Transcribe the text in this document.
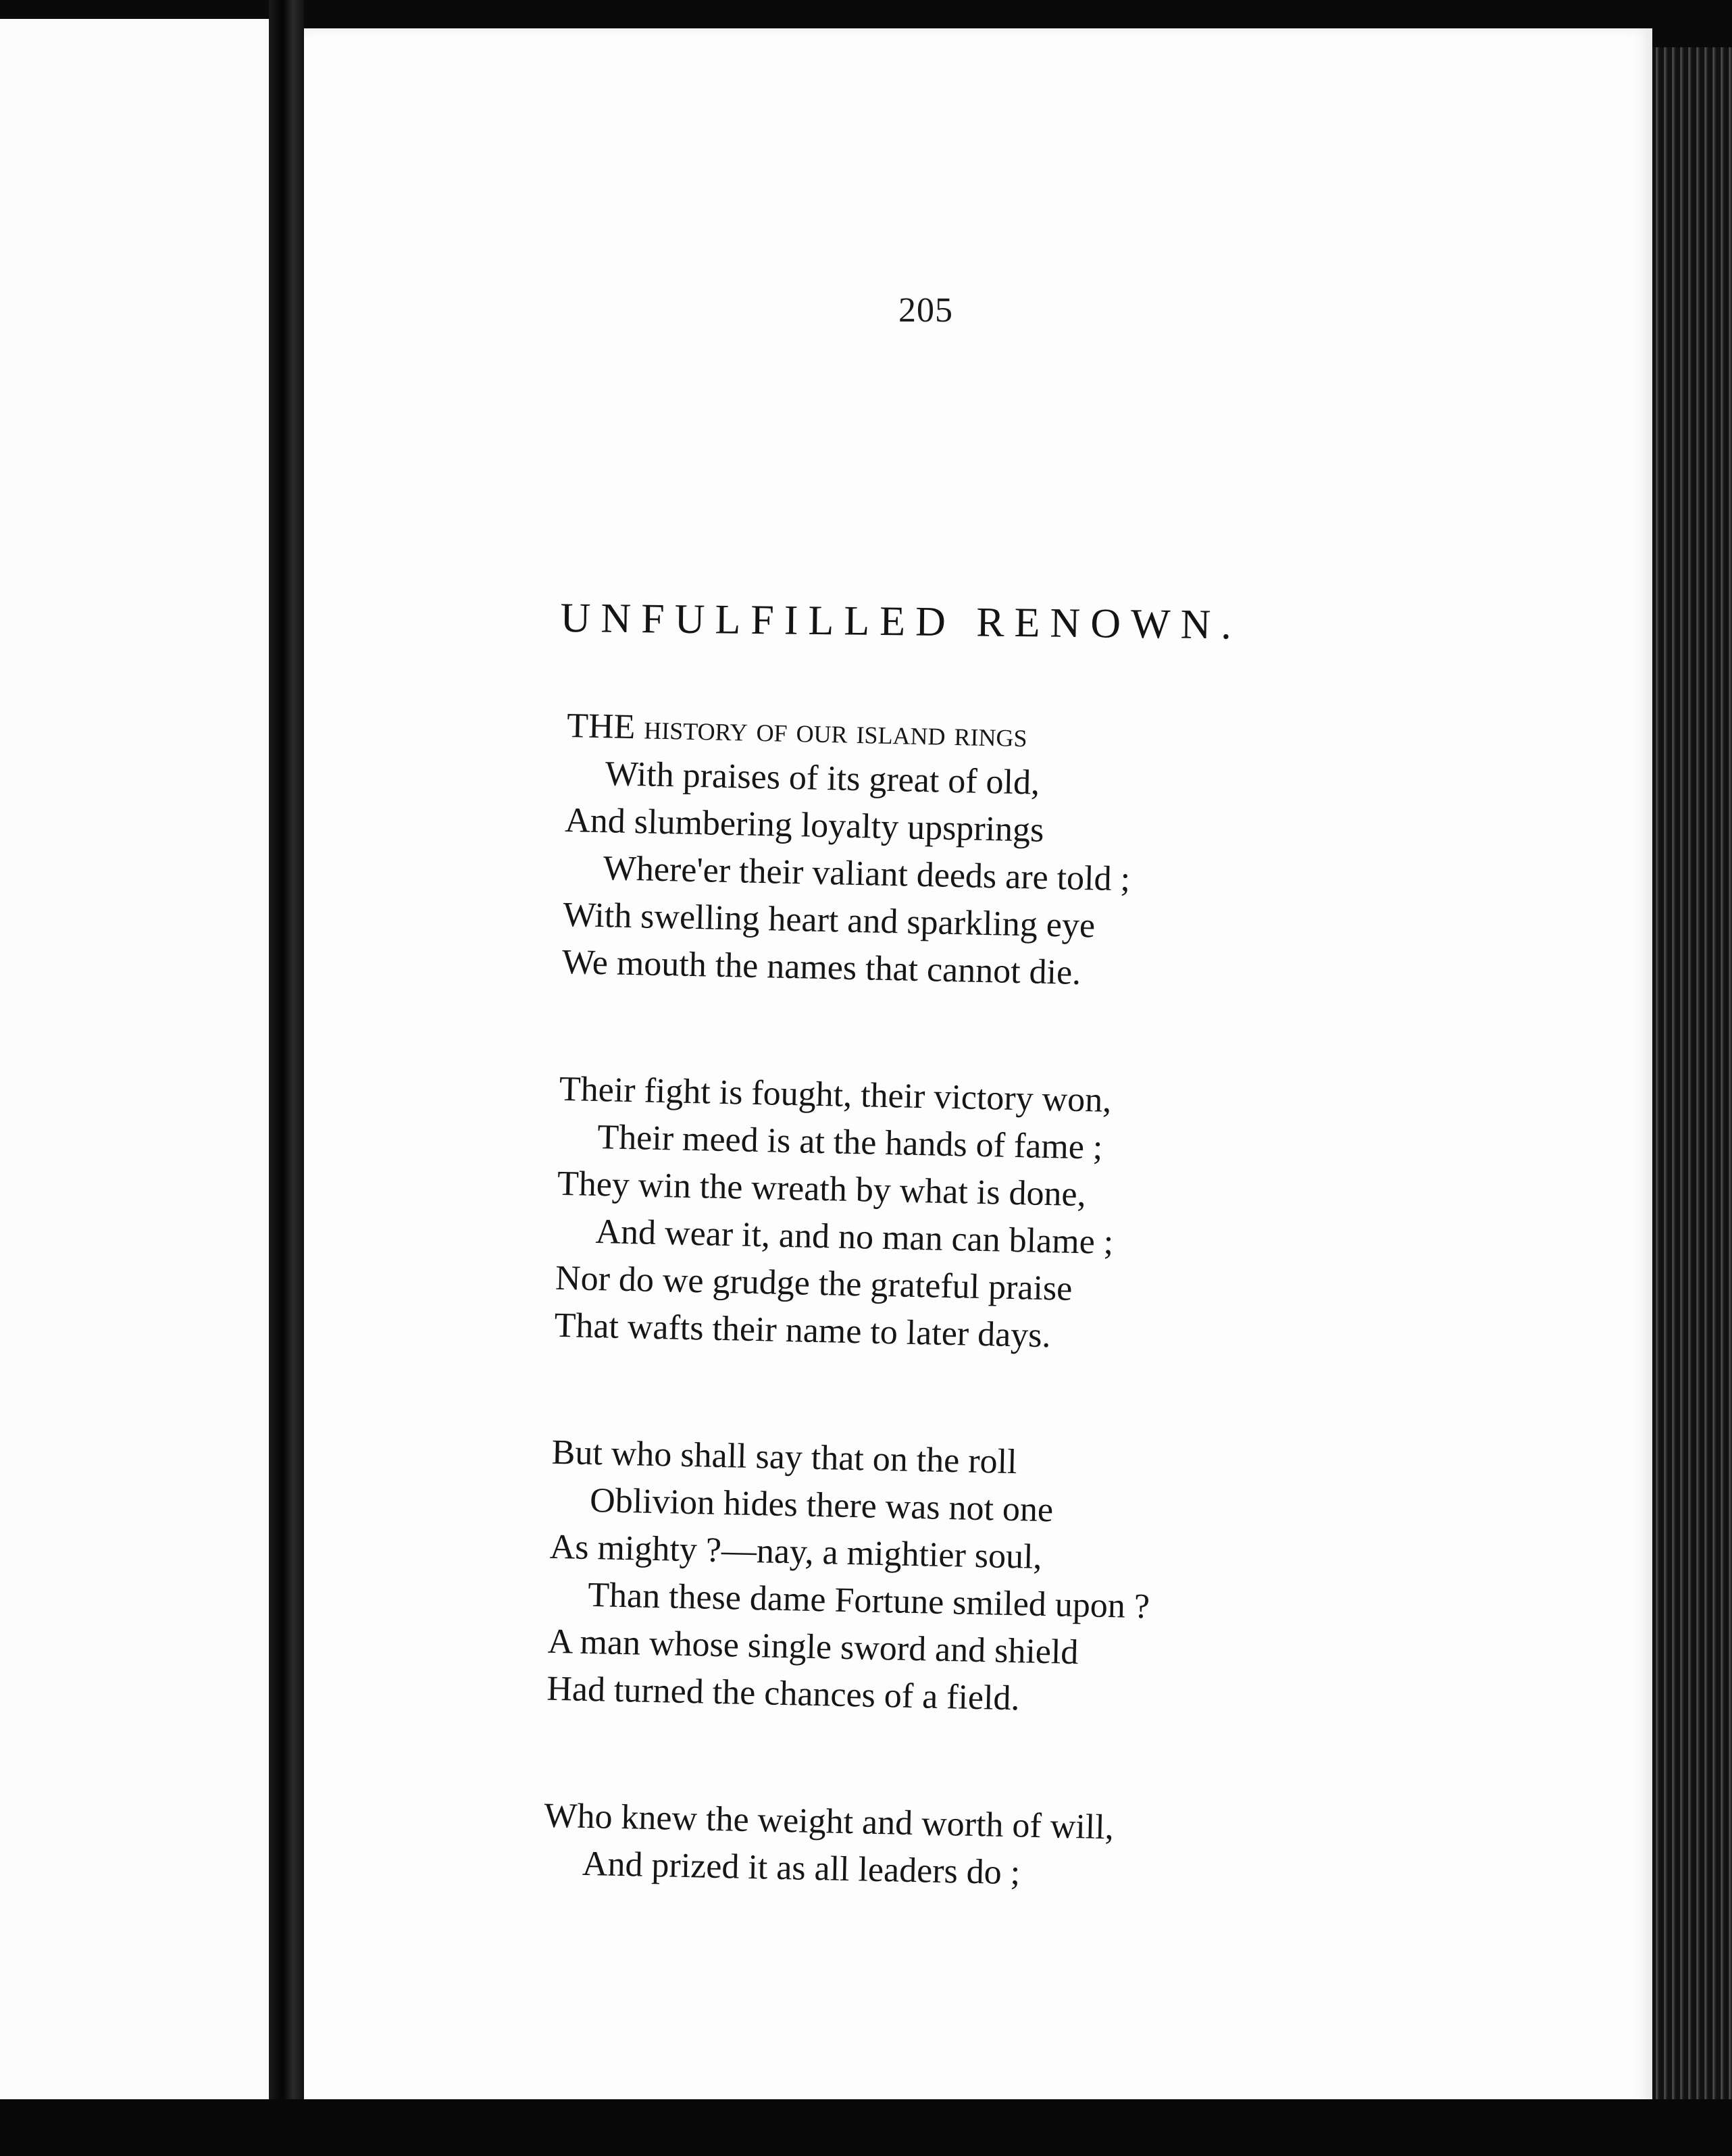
205
UNFULFILLED RENOWN.
THE history of our island rings
With praises of its great of old,
And slumbering loyalty upsprings
Where'er their valiant deeds are told ;
With swelling heart and sparkling eye
We mouth the names that cannot die.
Their fight is fought, their victory won,
Their meed is at the hands of fame ;
They win the wreath by what is done,
And wear it, and no man can blame ;
Nor do we grudge the grateful praise
That wafts their name to later days.
But who shall say that on the roll
Oblivion hides there was not one
As mighty ?—nay, a mightier soul,
Than these dame Fortune smiled upon ?
A man whose single sword and shield
Had turned the chances of a field.
Who knew the weight and worth of will,
And prized it as all leaders do ;
